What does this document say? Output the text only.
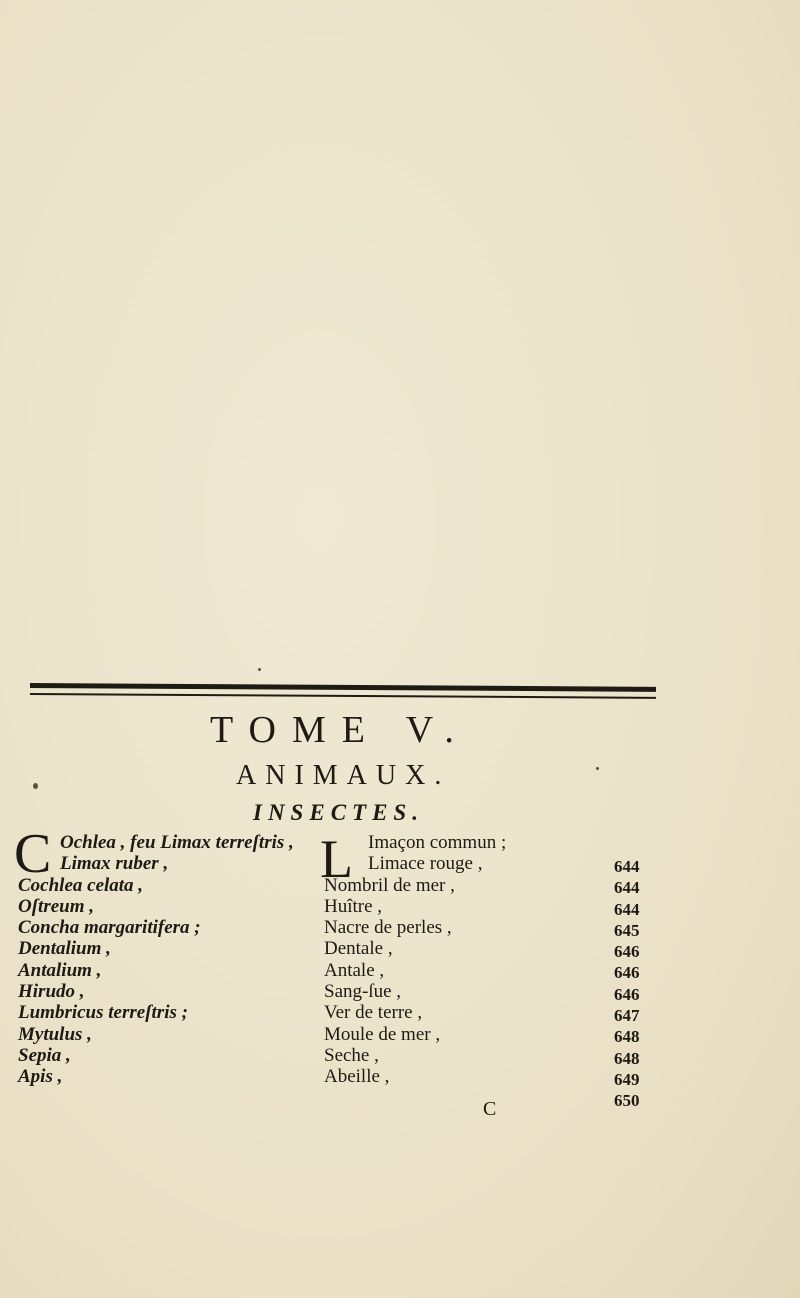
TOME V.
ANIMAUX.
INSECTES.
C	L
Ochlea , feu Limax terreſtris ,
Limax ruber ,
Cochlea celata ,
Oſtreum ,
Concha margaritifera ;
Dentalium ,
Antalium ,
Hirudo ,
Lumbricus terreſtris ;
Mytulus ,
Sepia ,
Apis ,
Imaçon commun ;
Limace rouge ,
Nombril de mer ,
Huître ,
Nacre de perles ,
Dentale ,
Antale ,
Sang-ſue ,
Ver de terre ,
Moule de mer ,
Seche ,
Abeille ,
644
644
644
645
646
646
646
647
648
648
649
650
C
